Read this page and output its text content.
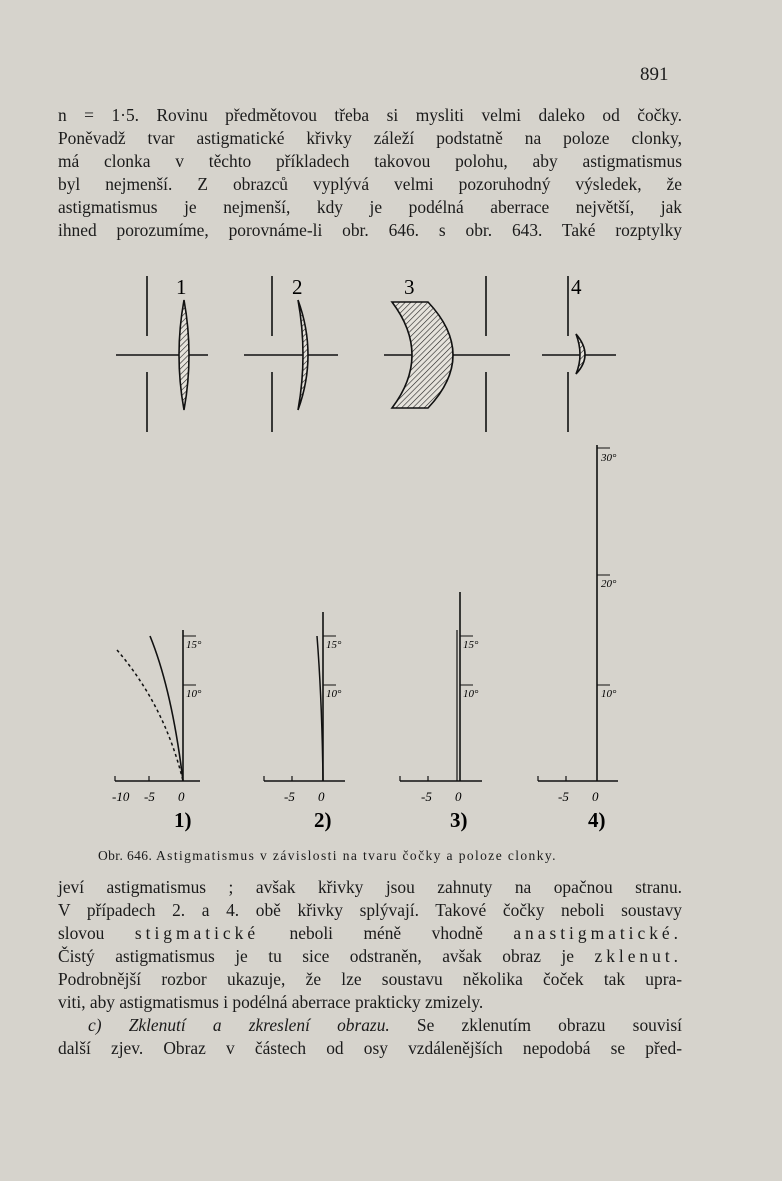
891
n = 1·5. Rovinu předmětovou třeba si mysliti velmi daleko od čočky.
Poněvadž tvar astigmatické křivky záleží podstatně na poloze clonky,
má clonka v těchto příkladech takovou polohu, aby astigmatismus
byl nejmenší. Z obrazců vyplývá velmi pozoruhodný výsledek, že
astigmatismus je nejmenší, kdy je podélná aberrace největší, jak
ihned porozumíme, porovnáme-li obr. 646. s obr. 643. Také rozptylky
1	2	3	4
-10 -5 0
15°
10°
1)
-5 0
15°
10°
2)
-5 0
15°
10°
3)
-5 0
30°
20°
10°
4)
Obr. 646. Astigmatismus v závislosti na tvaru čočky a poloze clonky.
jeví astigmatismus ; avšak křivky jsou zahnuty na opačnou stranu.
V případech 2. a 4. obě křivky splývají. Takové čočky neboli soustavy
slovou stigmatické neboli méně vhodně anastigmatické.
Čistý astigmatismus je tu sice odstraněn, avšak obraz je zklenut.
Podrobnější rozbor ukazuje, že lze soustavu několika čoček tak upra-
viti, aby astigmatismus i podélná aberrace prakticky zmizely.
c) Zklenutí a zkreslení obrazu. Se zklenutím obrazu souvisí
další zjev. Obraz v částech od osy vzdálenějších nepodobá se před-
